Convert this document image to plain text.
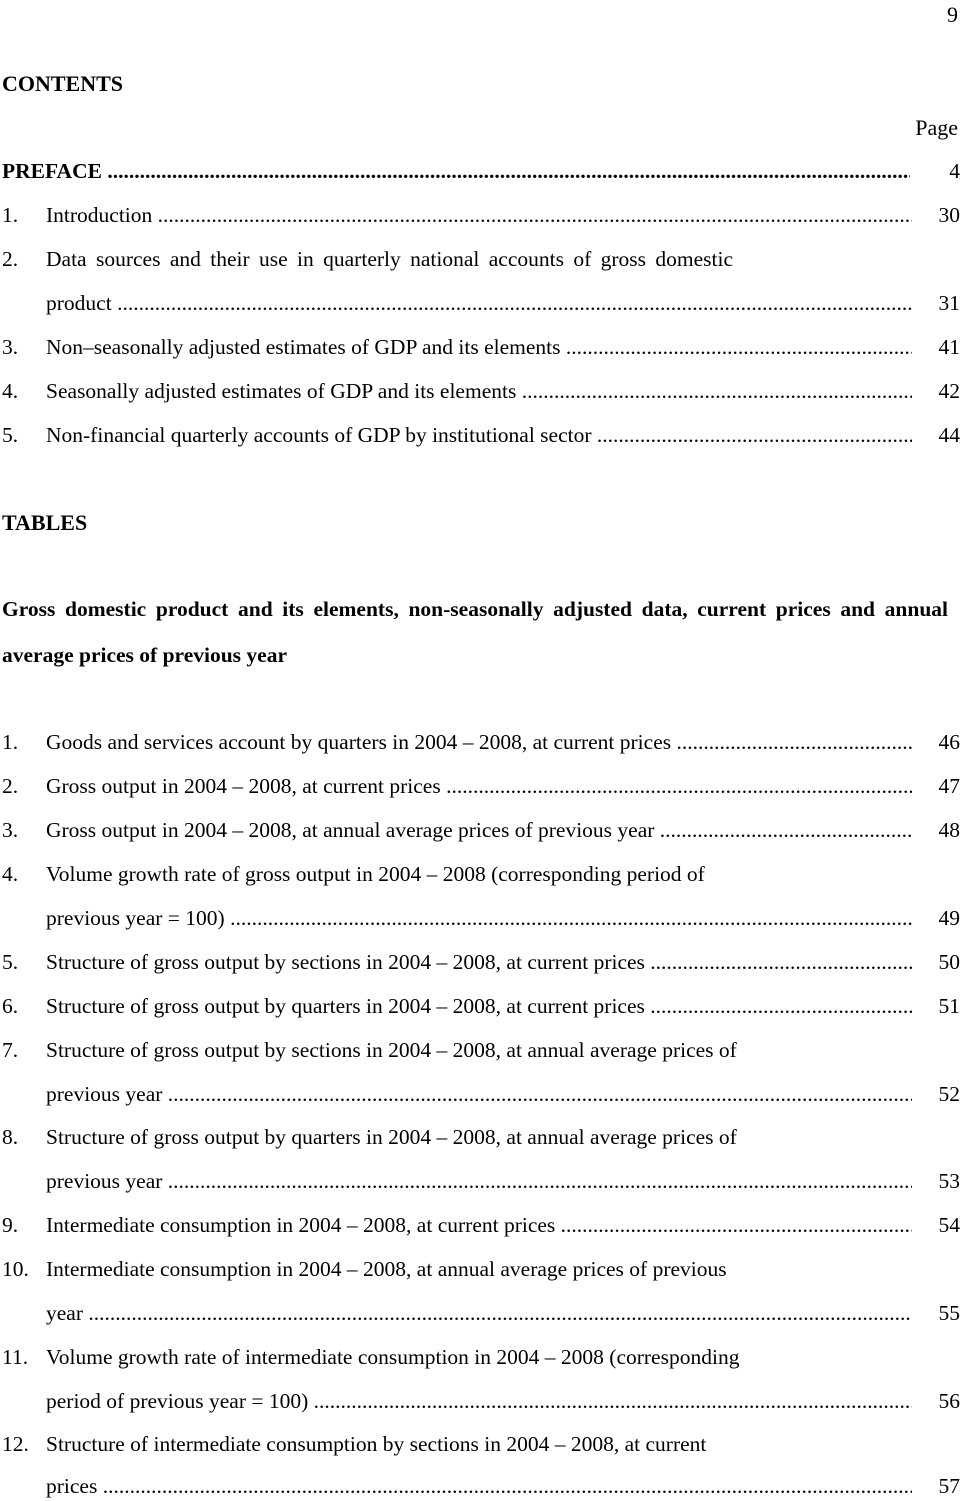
9
CONTENTS
Page
PREFACE .....	4
1. Introduction .....	30
2. Data sources and their use in quarterly national accounts of gross domestic
product .....	31
3. Non–seasonally adjusted estimates of GDP and its elements .....	41
4. Seasonally adjusted estimates of GDP and its elements .....	42
5. Non-financial quarterly accounts of GDP by institutional sector .....	44
TABLES
Gross domestic product and its elements, non-seasonally adjusted data, current prices and annual average prices of previous year
1. Goods and services account by quarters in 2004 – 2008, at current prices .....	46
2. Gross output in 2004 – 2008, at current prices .....	47
3. Gross output in 2004 – 2008, at annual average prices of previous year .....	48
4. Volume growth rate of gross output in 2004 – 2008 (corresponding period of
previous year = 100) .....	49
5. Structure of gross output by sections in 2004 – 2008, at current prices .....	50
6. Structure of gross output by quarters in 2004 – 2008, at current prices .....	51
7. Structure of gross output by sections in 2004 – 2008, at annual average prices of
previous year .....	52
8. Structure of gross output by quarters in 2004 – 2008, at annual average prices of
previous year .....	53
9. Intermediate consumption in 2004 – 2008, at current prices .....	54
10. Intermediate consumption in 2004 – 2008, at annual average prices of previous
year .....	55
11. Volume growth rate of intermediate consumption in 2004 – 2008 (corresponding
period of previous year = 100) .....	56
12. Structure of intermediate consumption by sections in 2004 – 2008, at current
prices .....	57
